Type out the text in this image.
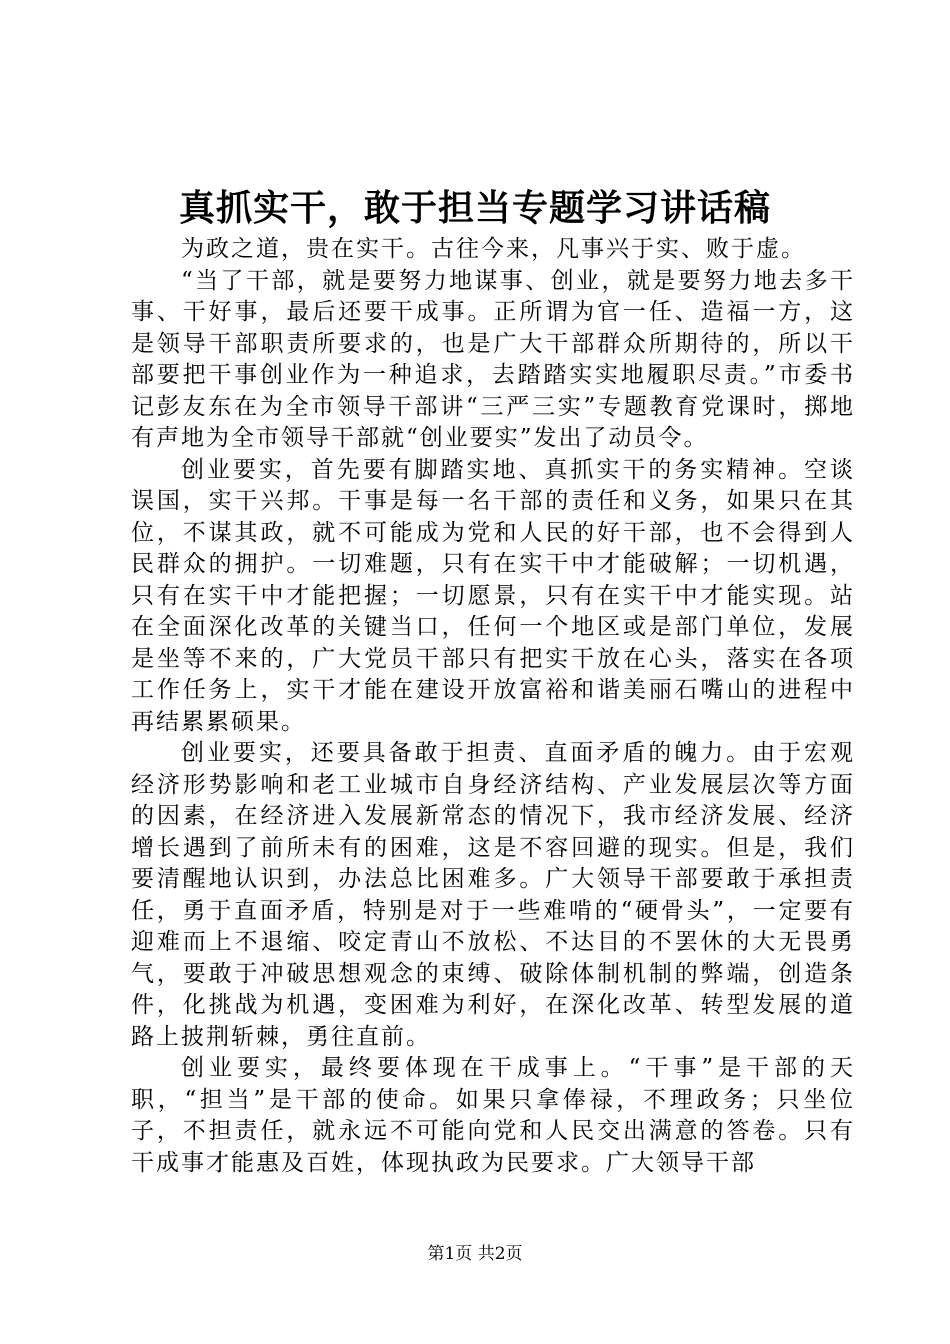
真抓实干，敢于担当专题学习讲话稿

为政之道，贵在实干。古往今来，凡事兴于实、败于虚。

“当了干部，就是要努力地谋事、创业，就是要努力地去多干事、干好事，最后还要干成事。正所谓为官一任、造福一方，这是领导干部职责所要求的，也是广大干部群众所期待的，所以干部要把干事创业作为一种追求，去踏踏实实地履职尽责。”市委书记彭友东在为全市领导干部讲“三严三实”专题教育党课时，掷地有声地为全市领导干部就“创业要实”发出了动员令。

创业要实，首先要有脚踏实地、真抓实干的务实精神。空谈误国，实干兴邦。干事是每一名干部的责任和义务，如果只在其位，不谋其政，就不可能成为党和人民的好干部，也不会得到人民群众的拥护。一切难题，只有在实干中才能破解；一切机遇，只有在实干中才能把握；一切愿景，只有在实干中才能实现。站在全面深化改革的关键当口，任何一个地区或是部门单位，发展是坐等不来的，广大党员干部只有把实干放在心头，落实在各项工作任务上，实干才能在建设开放富裕和谐美丽石嘴山的进程中再结累累硕果。

创业要实，还要具备敢于担责、直面矛盾的魄力。由于宏观经济形势影响和老工业城市自身经济结构、产业发展层次等方面的因素，在经济进入发展新常态的情况下，我市经济发展、经济增长遇到了前所未有的困难，这是不容回避的现实。但是，我们要清醒地认识到，办法总比困难多。广大领导干部要敢于承担责任，勇于直面矛盾，特别是对于一些难啃的“硬骨头”，一定要有迎难而上不退缩、咬定青山不放松、不达目的不罢休的大无畏勇气，要敢于冲破思想观念的束缚、破除体制机制的弊端，创造条件，化挑战为机遇，变困难为利好，在深化改革、转型发展的道路上披荆斩棘，勇往直前。

创业要实，最终要体现在干成事上。“干事”是干部的天职，“担当”是干部的使命。如果只拿俸禄，不理政务；只坐位子，不担责任，就永远不可能向党和人民交出满意的答卷。只有干成事才能惠及百姓，体现执政为民要求。广大领导干部

第1页 共2页
